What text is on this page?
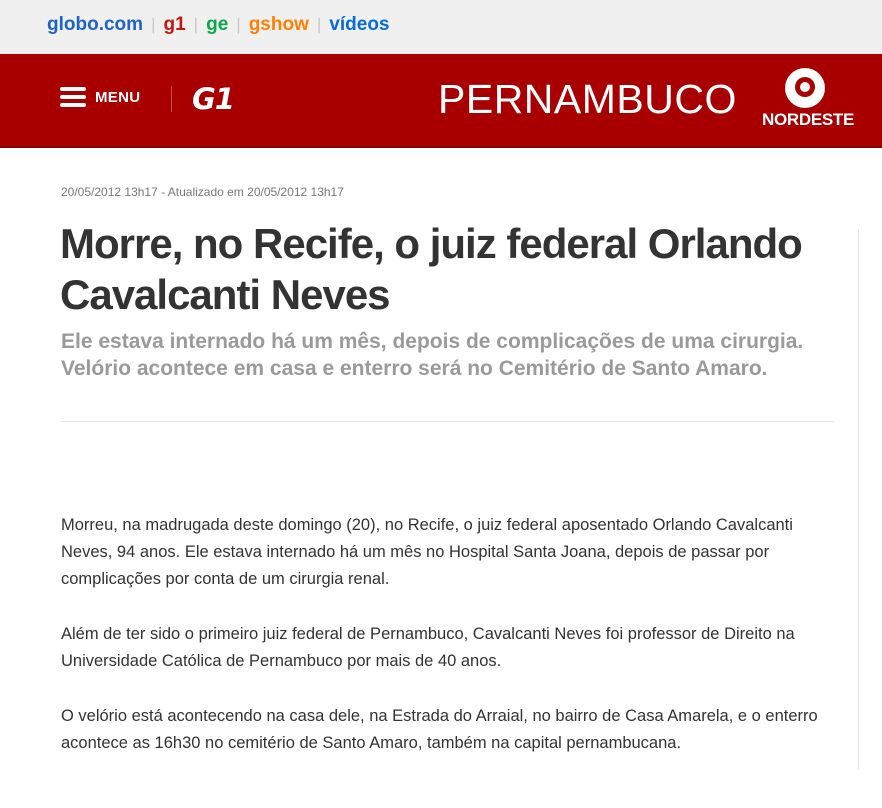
globo.com | g1 | ge | gshow | vídeos
MENU G1	PERNAMBUCO NORDESTE
20/05/2012 13h17 - Atualizado em 20/05/2012 13h17
Morre, no Recife, o juiz federal Orlando Cavalcanti Neves
Ele estava internado há um mês, depois de complicações de uma cirurgia. Velório acontece em casa e enterro será no Cemitério de Santo Amaro.

Morreu, na madrugada deste domingo (20), no Recife, o juiz federal aposentado Orlando Cavalcanti Neves, 94 anos. Ele estava internado há um mês no Hospital Santa Joana, depois de passar por complicações por conta de um cirurgia renal.

Além de ter sido o primeiro juiz federal de Pernambuco, Cavalcanti Neves foi professor de Direito na Universidade Católica de Pernambuco por mais de 40 anos.

O velório está acontecendo na casa dele, na Estrada do Arraial, no bairro de Casa Amarela, e o enterro acontece as 16h30 no cemitério de Santo Amaro, também na capital pernambucana.
